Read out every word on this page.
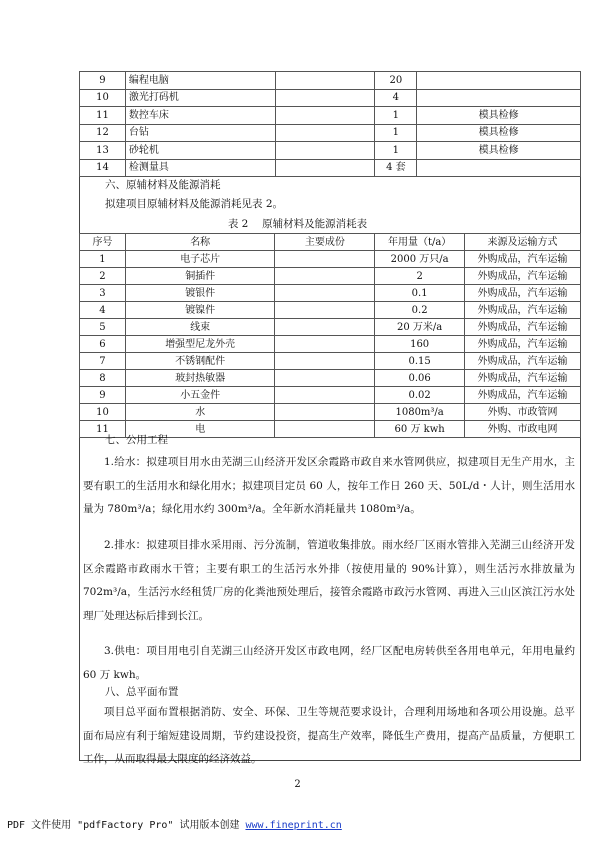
9	编程电脑		20	
10	激光打码机		4	
11	数控车床		1	模具检修
12	台钻		1	模具检修
13	砂轮机		1	模具检修
14	检测量具		4 套	
六、原辅材料及能源消耗
拟建项目原辅材料及能源消耗见表 2。
表 2　 原辅材料及能源消耗表
序号	名称	主要成份	年用量（t/a）	来源及运输方式
1	电子芯片		2000 万只/a	外购成品，汽车运输
2	铜插件		2	外购成品，汽车运输
3	镀银件		0.1	外购成品，汽车运输
4	镀镍件		0.2	外购成品，汽车运输
5	线束		20 万米/a	外购成品，汽车运输
6	增强型尼龙外壳		160	外购成品，汽车运输
7	不锈钢配件		0.15	外购成品，汽车运输
8	玻封热敏器		0.06	外购成品，汽车运输
9	小五金件		0.02	外购成品，汽车运输
10	水		1080m³/a	外购、市政管网
11	电		60 万 kwh	外购、市政电网
七、公用工程
1.给水：拟建项目用水由芜湖三山经济开发区余霞路市政自来水管网供应，拟建项目无生产用水，主要有职工的生活用水和绿化用水；拟建项目定员 60 人，按年工作日 260 天、50L/d・人计，则生活用水量为 780m³/a；绿化用水约 300m³/a。全年新水消耗量共 1080m³/a。
2.排水：拟建项目排水采用雨、污分流制，管道收集排放。雨水经厂区雨水管排入芜湖三山经济开发区余霞路市政雨水干管；主要有职工的生活污水外排（按使用量的 90%计算），则生活污水排放量为 702m³/a，生活污水经租赁厂房的化粪池预处理后，接管余霞路市政污水管网、再进入三山区滨江污水处理厂处理达标后排到长江。
3.供电：项目用电引自芜湖三山经济开发区市政电网，经厂区配电房转供至各用电单元，年用电量约 60 万 kwh。
八、总平面布置
项目总平面布置根据消防、安全、环保、卫生等规范要求设计，合理利用场地和各项公用设施。总平面布局应有利于缩短建设周期，节约建设投资，提高生产效率，降低生产费用，提高产品质量，方便职工工作，从而取得最大限度的经济效益。
2
PDF 文件使用 "pdfFactory Pro" 试用版本创建 www.fineprint.cn
